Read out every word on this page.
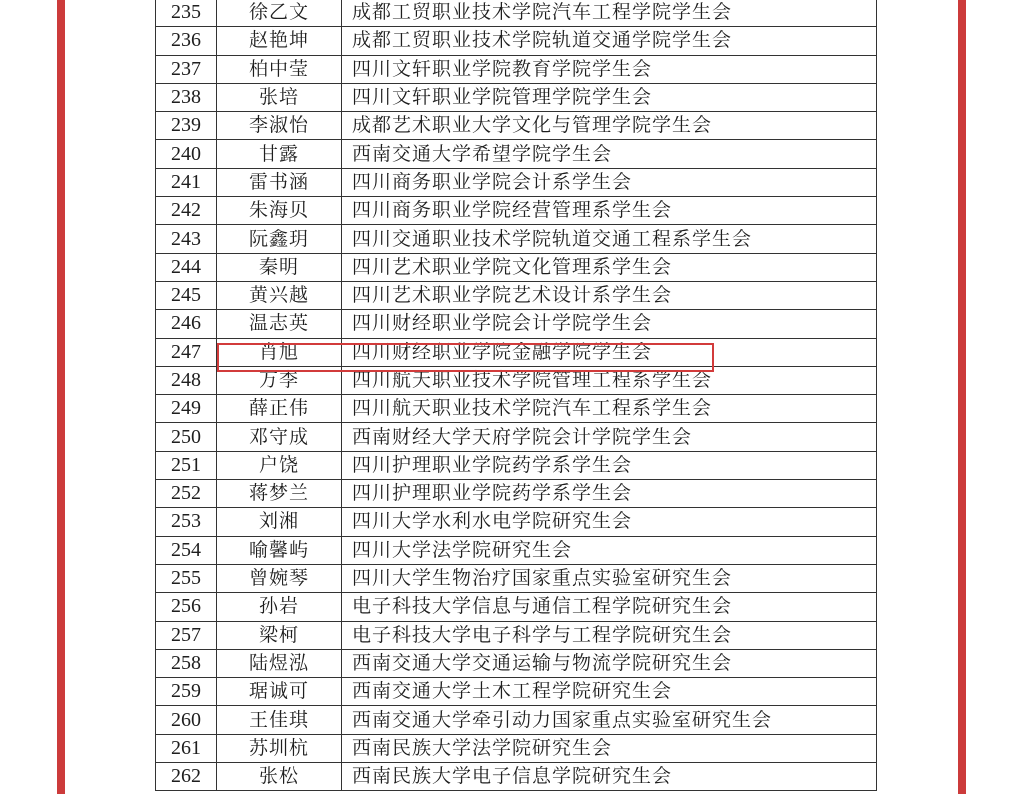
235	徐乙文	成都工贸职业技术学院汽车工程学院学生会
236	赵艳坤	成都工贸职业技术学院轨道交通学院学生会
237	柏中莹	四川文轩职业学院教育学院学生会
238	张培	四川文轩职业学院管理学院学生会
239	李淑怡	成都艺术职业大学文化与管理学院学生会
240	甘露	西南交通大学希望学院学生会
241	雷书涵	四川商务职业学院会计系学生会
242	朱海贝	四川商务职业学院经营管理系学生会
243	阮鑫玥	四川交通职业技术学院轨道交通工程系学生会
244	秦明	四川艺术职业学院文化管理系学生会
245	黄兴越	四川艺术职业学院艺术设计系学生会
246	温志英	四川财经职业学院会计学院学生会
247	肖旭	四川财经职业学院金融学院学生会
248	万李	四川航天职业技术学院管理工程系学生会
249	薛正伟	四川航天职业技术学院汽车工程系学生会
250	邓守成	西南财经大学天府学院会计学院学生会
251	户饶	四川护理职业学院药学系学生会
252	蒋梦兰	四川护理职业学院药学系学生会
253	刘湘	四川大学水利水电学院研究生会
254	喻馨屿	四川大学法学院研究生会
255	曾婉琴	四川大学生物治疗国家重点实验室研究生会
256	孙岩	电子科技大学信息与通信工程学院研究生会
257	梁柯	电子科技大学电子科学与工程学院研究生会
258	陆煜泓	西南交通大学交通运输与物流学院研究生会
259	琚诚可	西南交通大学土木工程学院研究生会
260	王佳琪	西南交通大学牵引动力国家重点实验室研究生会
261	苏圳杭	西南民族大学法学院研究生会
262	张松	西南民族大学电子信息学院研究生会
